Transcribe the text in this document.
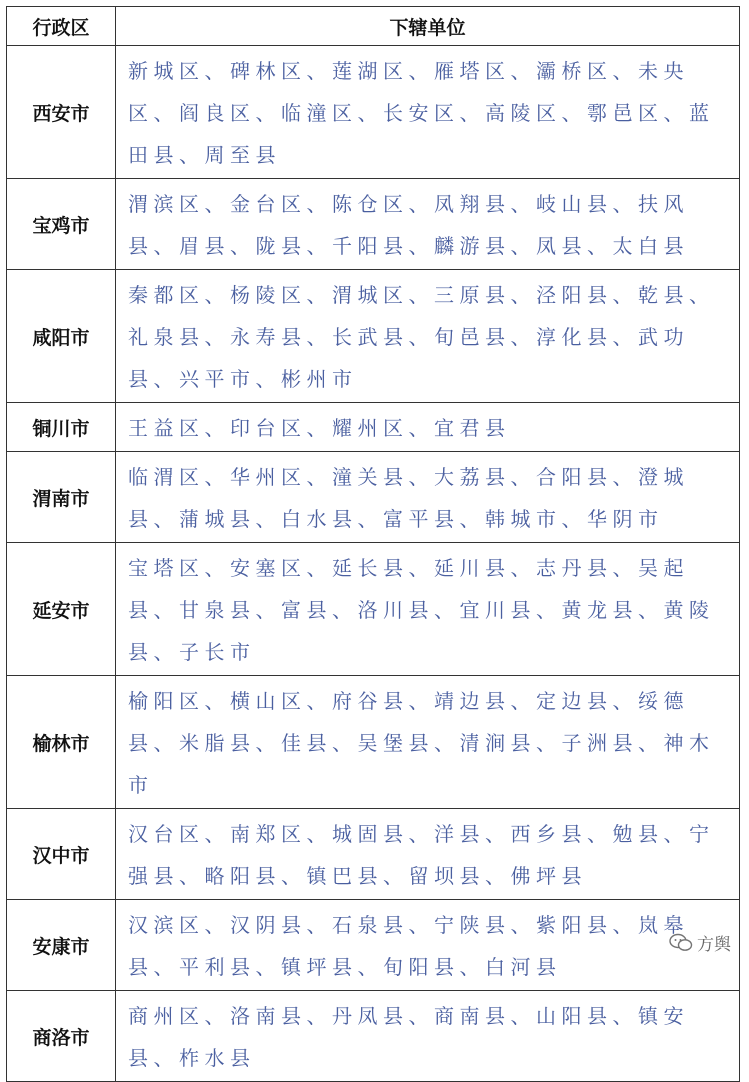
行政区	下辖单位
西安市	新城区、碑林区、莲湖区、雁塔区、灞桥区、未央区、阎良区、临潼区、长安区、高陵区、鄠邑区、蓝田县、周至县
宝鸡市	渭滨区、金台区、陈仓区、凤翔县、岐山县、扶风县、眉县、陇县、千阳县、麟游县、凤县、太白县
咸阳市	秦都区、杨陵区、渭城区、三原县、泾阳县、乾县、礼泉县、永寿县、长武县、旬邑县、淳化县、武功县、兴平市、彬州市
铜川市	王益区、印台区、耀州区、宜君县
渭南市	临渭区、华州区、潼关县、大荔县、合阳县、澄城县、蒲城县、白水县、富平县、韩城市、华阴市
延安市	宝塔区、安塞区、延长县、延川县、志丹县、吴起县、甘泉县、富县、洛川县、宜川县、黄龙县、黄陵县、子长市
榆林市	榆阳区、横山区、府谷县、靖边县、定边县、绥德县、米脂县、佳县、吴堡县、清涧县、子洲县、神木市
汉中市	汉台区、南郑区、城固县、洋县、西乡县、勉县、宁强县、略阳县、镇巴县、留坝县、佛坪县
安康市	汉滨区、汉阴县、石泉县、宁陕县、紫阳县、岚皋县、平利县、镇坪县、旬阳县、白河县
商洛市	商州区、洛南县、丹凤县、商南县、山阳县、镇安县、柞水县
方舆
